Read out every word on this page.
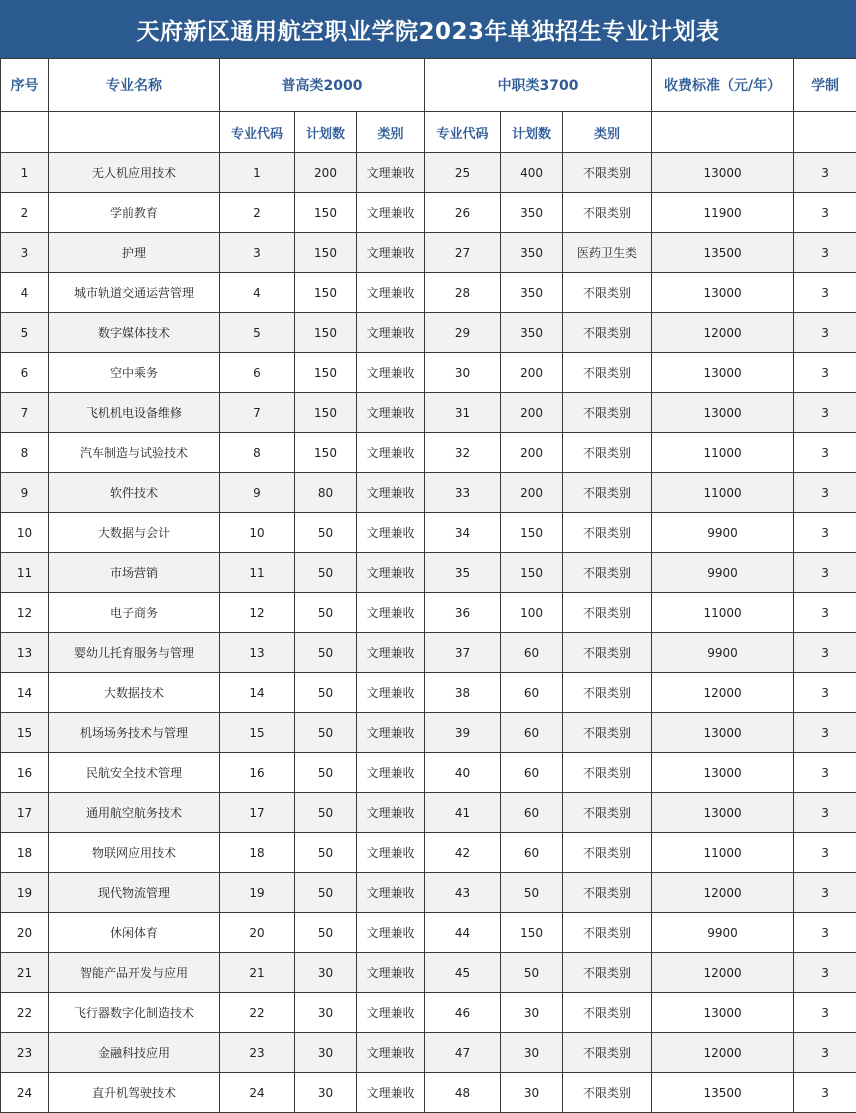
天府新区通用航空职业学院2023年单独招生专业计划表
序号	专业名称	普高类2000			中职类3700			收费标准（元/年）	学制
		专业代码	计划数	类别	专业代码	计划数	类别		
1	无人机应用技术	1	200	文理兼收	25	400	不限类别	13000	3
2	学前教育	2	150	文理兼收	26	350	不限类别	11900	3
3	护理	3	150	文理兼收	27	350	医药卫生类	13500	3
4	城市轨道交通运营管理	4	150	文理兼收	28	350	不限类别	13000	3
5	数字媒体技术	5	150	文理兼收	29	350	不限类别	12000	3
6	空中乘务	6	150	文理兼收	30	200	不限类别	13000	3
7	飞机机电设备维修	7	150	文理兼收	31	200	不限类别	13000	3
8	汽车制造与试验技术	8	150	文理兼收	32	200	不限类别	11000	3
9	软件技术	9	80	文理兼收	33	200	不限类别	11000	3
10	大数据与会计	10	50	文理兼收	34	150	不限类别	9900	3
11	市场营销	11	50	文理兼收	35	150	不限类别	9900	3
12	电子商务	12	50	文理兼收	36	100	不限类别	11000	3
13	婴幼儿托育服务与管理	13	50	文理兼收	37	60	不限类别	9900	3
14	大数据技术	14	50	文理兼收	38	60	不限类别	12000	3
15	机场场务技术与管理	15	50	文理兼收	39	60	不限类别	13000	3
16	民航安全技术管理	16	50	文理兼收	40	60	不限类别	13000	3
17	通用航空航务技术	17	50	文理兼收	41	60	不限类别	13000	3
18	物联网应用技术	18	50	文理兼收	42	60	不限类别	11000	3
19	现代物流管理	19	50	文理兼收	43	50	不限类别	12000	3
20	休闲体育	20	50	文理兼收	44	150	不限类别	9900	3
21	智能产品开发与应用	21	30	文理兼收	45	50	不限类别	12000	3
22	飞行器数字化制造技术	22	30	文理兼收	46	30	不限类别	13000	3
23	金融科技应用	23	30	文理兼收	47	30	不限类别	12000	3
24	直升机驾驶技术	24	30	文理兼收	48	30	不限类别	13500	3
